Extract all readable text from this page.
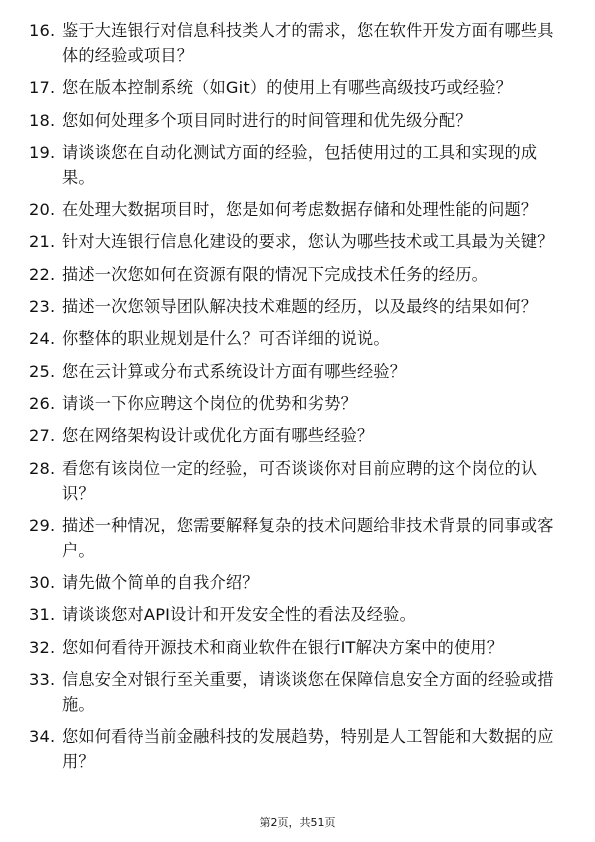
16. 鉴于大连银行对信息科技类人才的需求，您在软件开发方面有哪些具体的经验或项目？
17. 您在版本控制系统（如Git）的使用上有哪些高级技巧或经验？
18. 您如何处理多个项目同时进行的时间管理和优先级分配？
19. 请谈谈您在自动化测试方面的经验，包括使用过的工具和实现的成果。
20. 在处理大数据项目时，您是如何考虑数据存储和处理性能的问题？
21. 针对大连银行信息化建设的要求，您认为哪些技术或工具最为关键？
22. 描述一次您如何在资源有限的情况下完成技术任务的经历。
23. 描述一次您领导团队解决技术难题的经历，以及最终的结果如何？
24. 你整体的职业规划是什么？可否详细的说说。
25. 您在云计算或分布式系统设计方面有哪些经验？
26. 请谈一下你应聘这个岗位的优势和劣势？
27. 您在网络架构设计或优化方面有哪些经验？
28. 看您有该岗位一定的经验，可否谈谈你对目前应聘的这个岗位的认识？
29. 描述一种情况，您需要解释复杂的技术问题给非技术背景的同事或客户。
30. 请先做个简单的自我介绍？
31. 请谈谈您对API设计和开发安全性的看法及经验。
32. 您如何看待开源技术和商业软件在银行IT解决方案中的使用？
33. 信息安全对银行至关重要，请谈谈您在保障信息安全方面的经验或措施。
34. 您如何看待当前金融科技的发展趋势，特别是人工智能和大数据的应用？
第2页，共51页
